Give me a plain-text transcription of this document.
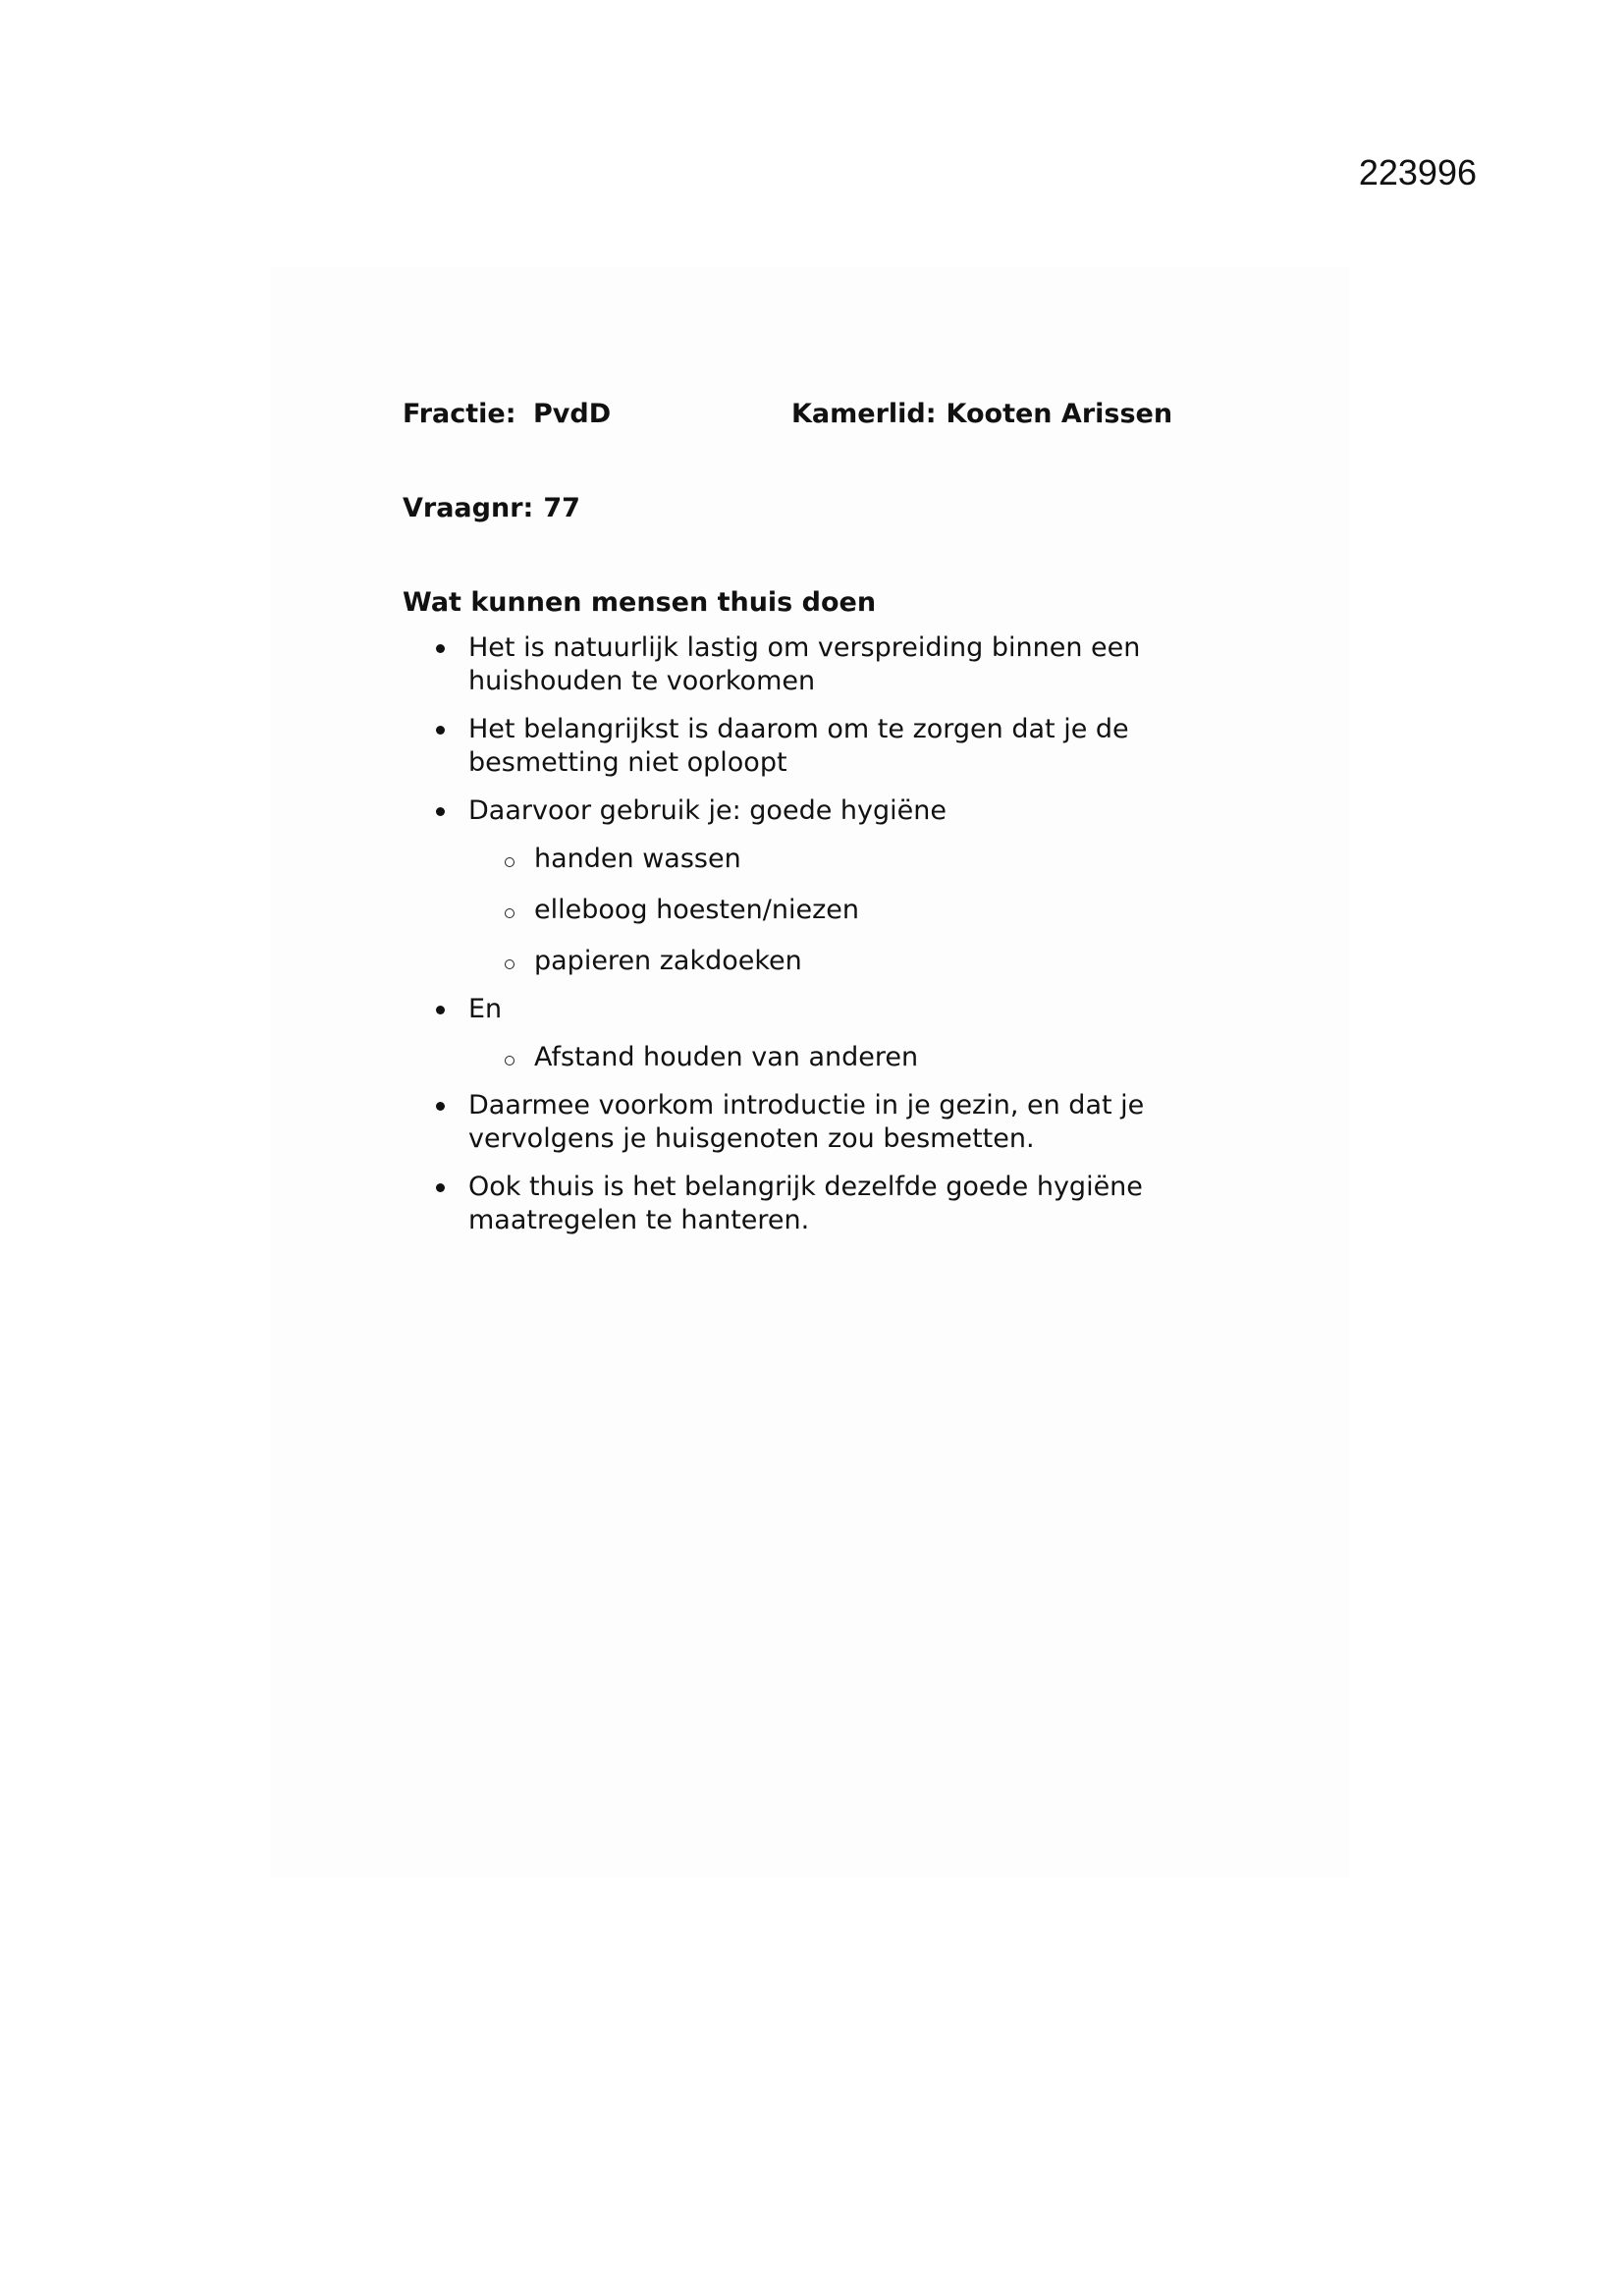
223996
Fractie: PvdD	Kamerlid: Kooten Arissen
Vraagnr: 77
Wat kunnen mensen thuis doen
Het is natuurlijk lastig om verspreiding binnen een huishouden te voorkomen
Het belangrijkst is daarom om te zorgen dat je de besmetting niet oploopt
Daarvoor gebruik je: goede hygiëne
handen wassen
elleboog hoesten/niezen
papieren zakdoeken
En
Afstand houden van anderen
Daarmee voorkom introductie in je gezin, en dat je vervolgens je huisgenoten zou besmetten.
Ook thuis is het belangrijk dezelfde goede hygiëne maatregelen te hanteren.
